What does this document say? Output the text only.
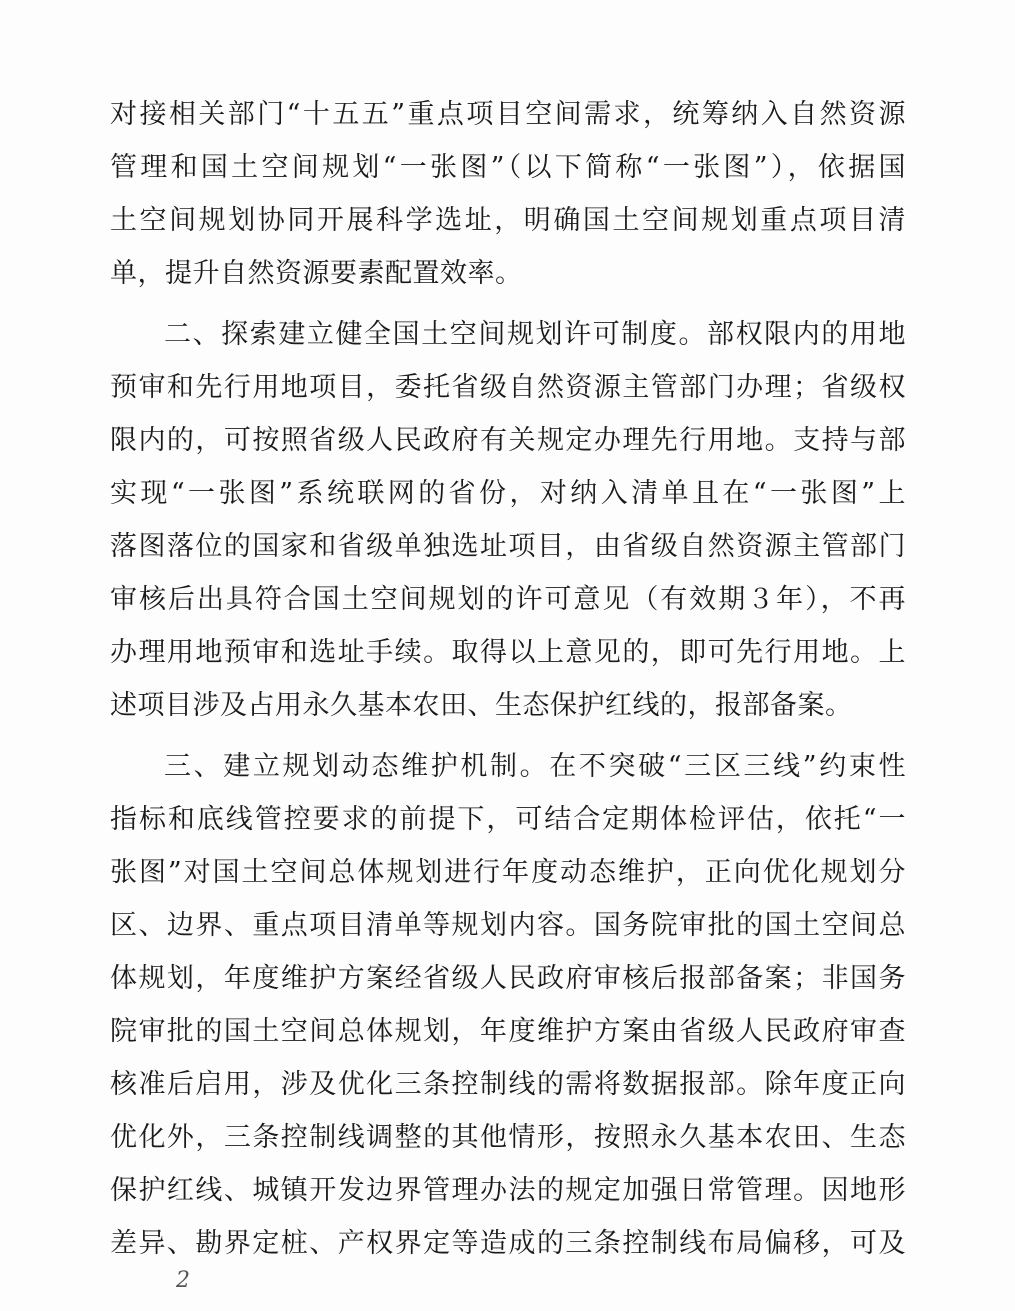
对接相关部门“十五五”重点项目空间需求，统筹纳入自然资源
管理和国土空间规划“一张图”（以下简称“一张图”），依据国
土空间规划协同开展科学选址，明确国土空间规划重点项目清
单，提升自然资源要素配置效率。
二、探索建立健全国土空间规划许可制度。部权限内的用地
预审和先行用地项目，委托省级自然资源主管部门办理；省级权
限内的，可按照省级人民政府有关规定办理先行用地。支持与部
实现“一张图”系统联网的省份，对纳入清单且在“一张图”上
落图落位的国家和省级单独选址项目，由省级自然资源主管部门
审核后出具符合国土空间规划的许可意见（有效期３年），不再
办理用地预审和选址手续。取得以上意见的，即可先行用地。上
述项目涉及占用永久基本农田、生态保护红线的，报部备案。
三、建立规划动态维护机制。在不突破“三区三线”约束性
指标和底线管控要求的前提下，可结合定期体检评估，依托“一
张图”对国土空间总体规划进行年度动态维护，正向优化规划分
区、边界、重点项目清单等规划内容。国务院审批的国土空间总
体规划，年度维护方案经省级人民政府审核后报部备案；非国务
院审批的国土空间总体规划，年度维护方案由省级人民政府审查
核准后启用，涉及优化三条控制线的需将数据报部。除年度正向
优化外，三条控制线调整的其他情形，按照永久基本农田、生态
保护红线、城镇开发边界管理办法的规定加强日常管理。因地形
差异、勘界定桩、产权界定等造成的三条控制线布局偏移，可及
2
